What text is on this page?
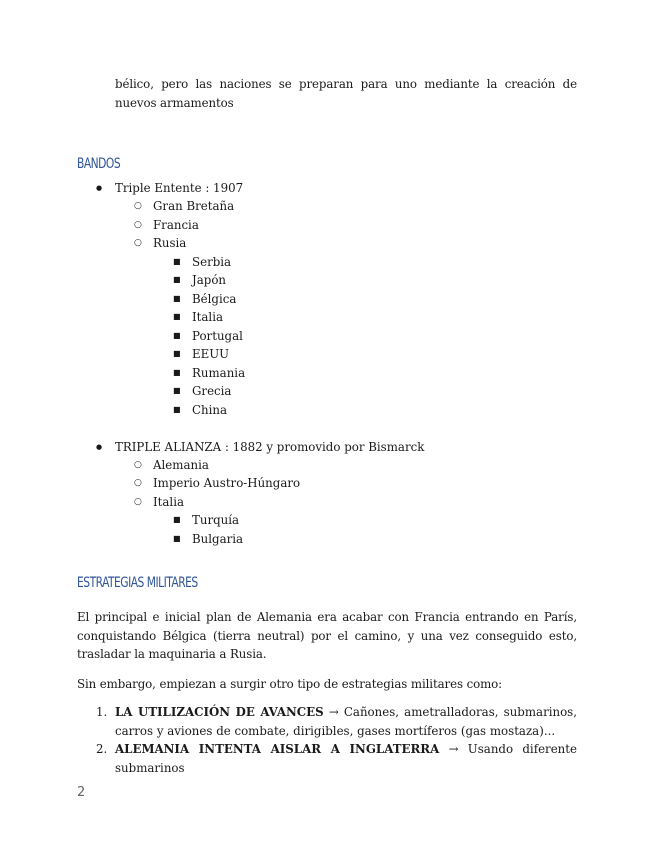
bélico, pero las naciones se preparan para uno mediante la creación de nuevos armamentos

BANDOS
● Triple Entente : 1907
○ Gran Bretaña
○ Francia
○ Rusia
■ Serbia
■ Japón
■ Bélgica
■ Italia
■ Portugal
■ EEUU
■ Rumania
■ Grecia
■ China
● TRIPLE ALIANZA : 1882 y promovido por Bismarck
○ Alemania
○ Imperio Austro-Húngaro
○ Italia
■ Turquía
■ Bulgaria
ESTRATEGIAS MILITARES

El principal e inicial plan de Alemania era acabar con Francia entrando en París, conquistando Bélgica (tierra neutral) por el camino, y una vez conseguido esto, trasladar la maquinaria a Rusia.

Sin embargo, empiezan a surgir otro tipo de estrategias militares como:

1. LA UTILIZACIÓN DE AVANCES → Cañones, ametralladoras, submarinos, carros y aviones de combate, dirigibles, gases mortíferos (gas mostaza)...
2. ALEMANIA INTENTA AISLAR A INGLATERRA → Usando diferente submarinos
2
